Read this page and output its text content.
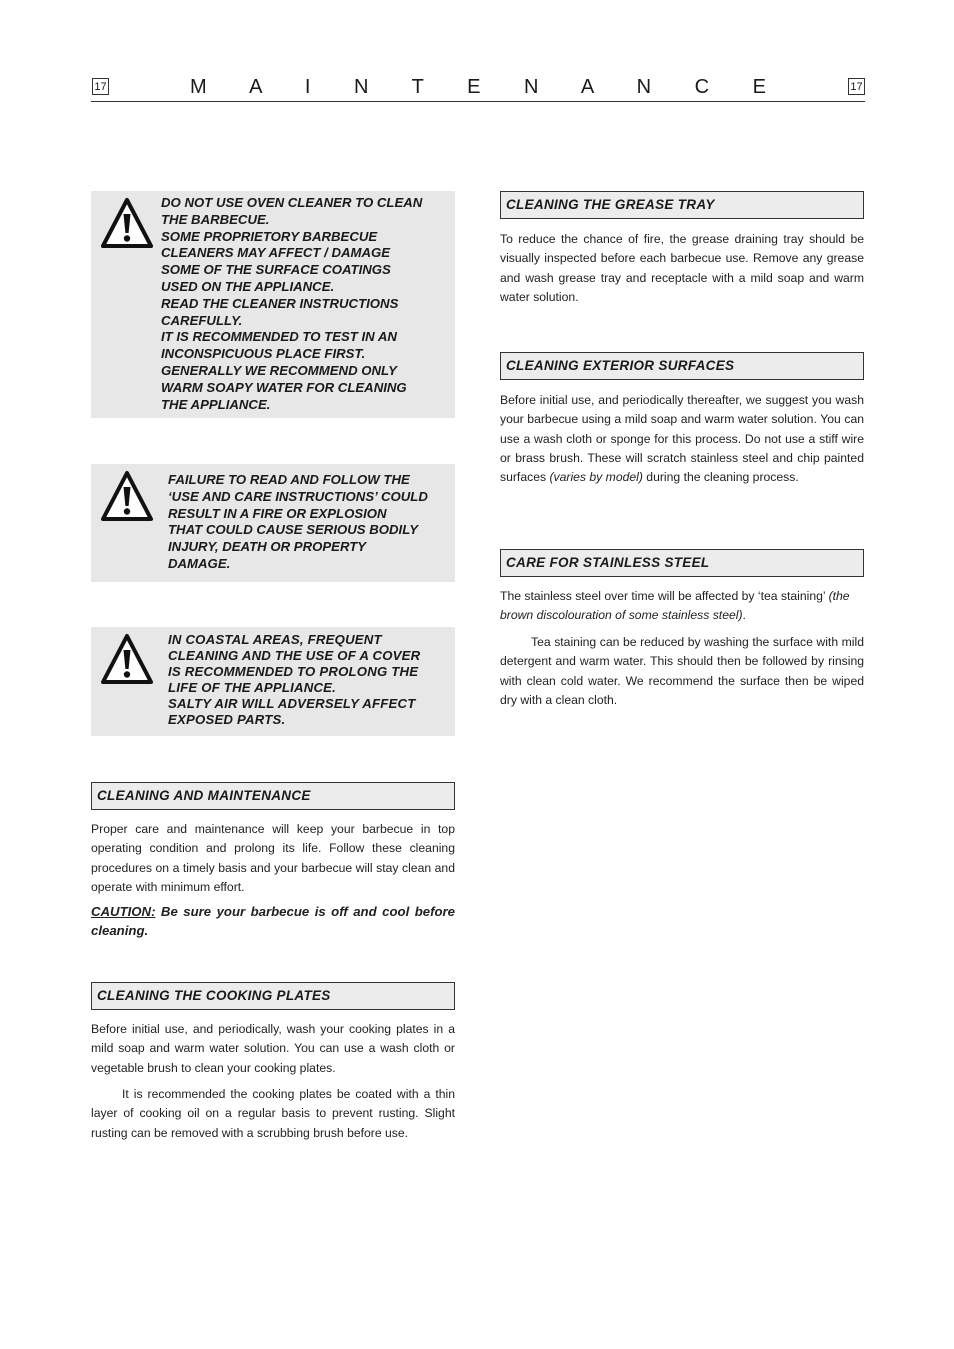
17	M A I N T E N A N C E	17
DO NOT USE OVEN CLEANER TO CLEAN
THE BARBECUE.
SOME PROPRIETORY BARBECUE
CLEANERS MAY AFFECT / DAMAGE
SOME OF THE SURFACE COATINGS
USED ON THE APPLIANCE.
READ THE CLEANER INSTRUCTIONS
CAREFULLY.
IT IS RECOMMENDED TO TEST IN AN
INCONSPICUOUS PLACE FIRST.
GENERALLY WE RECOMMEND ONLY
WARM SOAPY WATER FOR CLEANING
THE APPLIANCE.
FAILURE TO READ AND FOLLOW THE
‘USE AND CARE INSTRUCTIONS’ COULD
RESULT IN A FIRE OR EXPLOSION
THAT COULD CAUSE SERIOUS BODILY
INJURY, DEATH OR PROPERTY
DAMAGE.
IN COASTAL AREAS, FREQUENT
CLEANING AND THE USE OF A COVER
IS RECOMMENDED TO PROLONG THE
LIFE OF THE APPLIANCE.
SALTY AIR WILL ADVERSELY AFFECT
EXPOSED PARTS.
CLEANING AND MAINTENANCE
Proper care and maintenance will keep your barbecue in top operating condition and prolong its life. Follow these cleaning procedures on a timely basis and your barbecue will stay clean and operate with minimum effort.
CAUTION: Be sure your barbecue is off and cool before cleaning.
CLEANING THE COOKING PLATES
Before initial use, and periodically, wash your cooking plates in a mild soap and warm water solution. You can use a wash cloth or vegetable brush to clean your cooking plates.
It is recommended the cooking plates be coated with a thin layer of cooking oil on a regular basis to prevent rusting. Slight rusting can be removed with a scrubbing brush before use.
CLEANING THE GREASE TRAY
To reduce the chance of fire, the grease draining tray should be visually inspected before each barbecue use. Remove any grease and wash grease tray and receptacle with a mild soap and warm water solution.
CLEANING EXTERIOR SURFACES
Before initial use, and periodically thereafter, we suggest you wash your barbecue using a mild soap and warm water solution. You can use a wash cloth or sponge for this process. Do not use a stiff wire or brass brush. These will scratch stainless steel and chip painted surfaces (varies by model) during the cleaning process.
CARE FOR STAINLESS STEEL
The stainless steel over time will be affected by ‘tea staining’ (the brown discolouration of some stainless steel).
Tea staining can be reduced by washing the surface with mild detergent and warm water. This should then be followed by rinsing with clean cold water. We recommend the surface then be wiped dry with a clean cloth.
